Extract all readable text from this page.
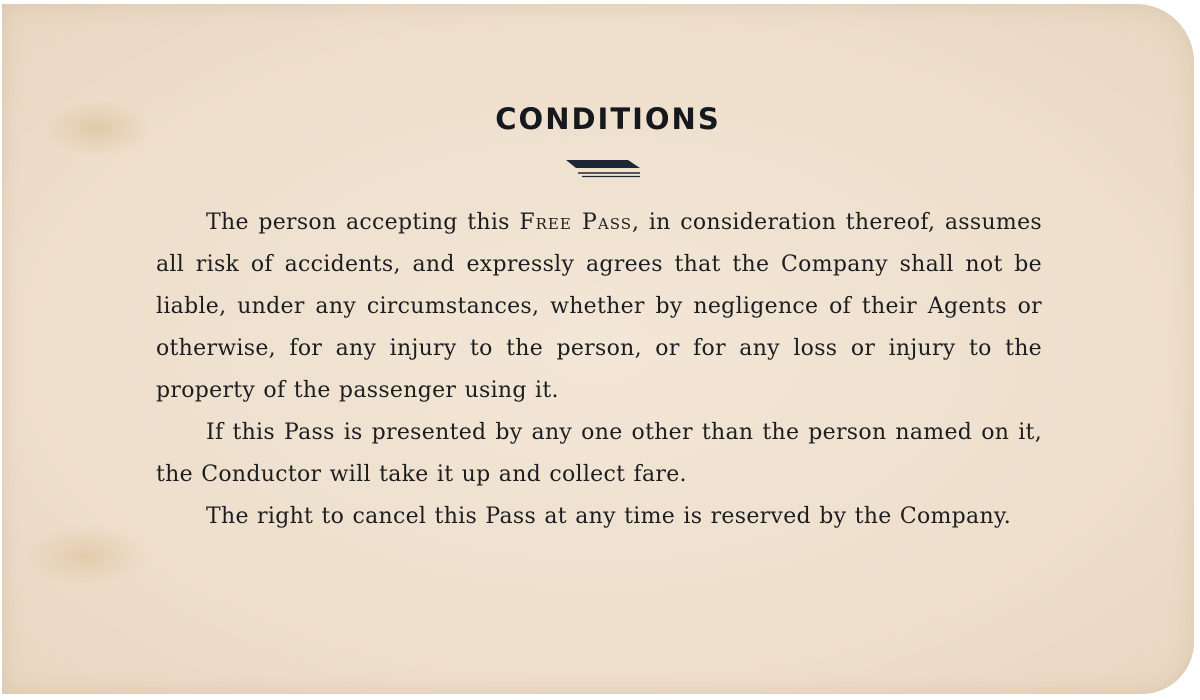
CONDITIONS

The person accepting this Free Pass, in consideration thereof, assumes all risk of accidents, and expressly agrees that the Company shall not be liable, under any circumstances, whether by negligence of their Agents or otherwise, for any injury to the person, or for any loss or injury to the property of the passenger using it.

If this Pass is presented by any one other than the person named on it, the Conductor will take it up and collect fare.

The right to cancel this Pass at any time is reserved by the Company.
